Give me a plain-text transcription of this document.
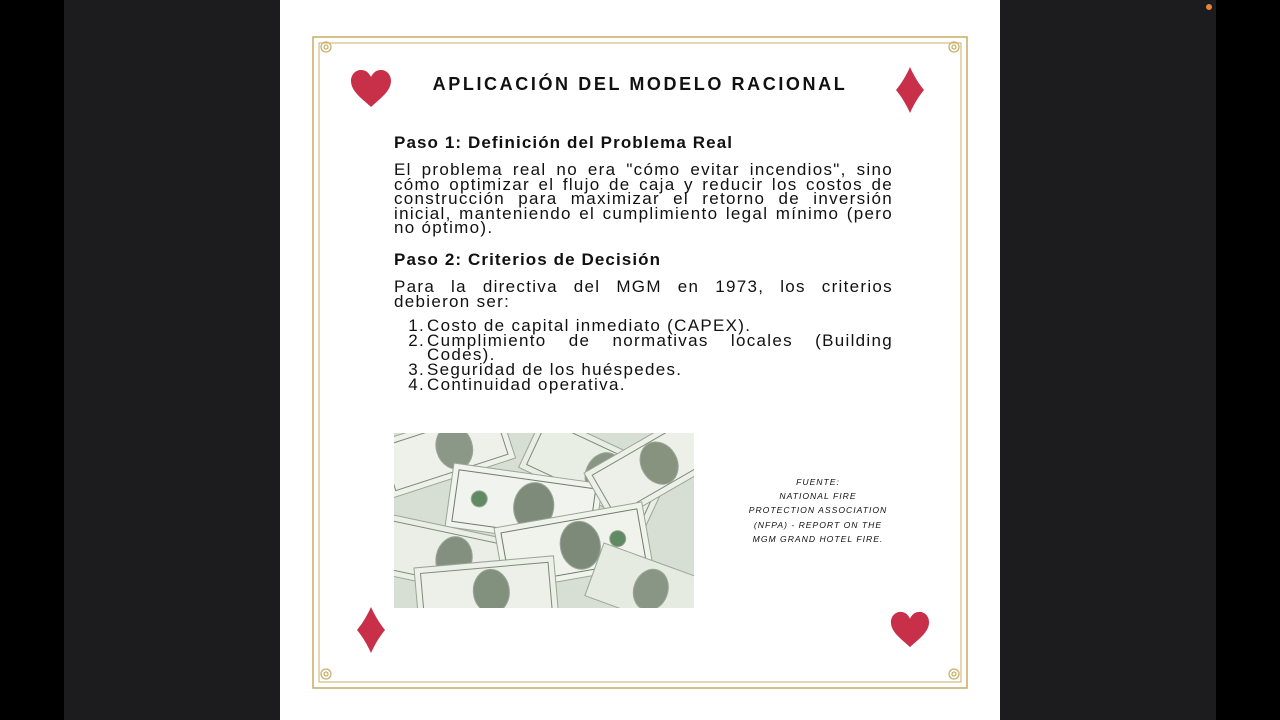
APLICACIÓN DEL MODELO RACIONAL
Paso 1: Definición del Problema Real
El problema real no era "cómo evitar incendios", sino cómo optimizar el flujo de caja y reducir los costos de construcción para maximizar el retorno de inversión inicial, manteniendo el cumplimiento legal mínimo (pero no óptimo).
Paso 2: Criterios de Decisión
Para la directiva del MGM en 1973, los criterios debieron ser:
1. Costo de capital inmediato (CAPEX).
2. Cumplimiento de normativas locales (Building Codes).
3. Seguridad de los huéspedes.
4. Continuidad operativa.
FUENTE:
NATIONAL FIRE
PROTECTION ASSOCIATION
(NFPA) - REPORT ON THE
MGM GRAND HOTEL FIRE.
